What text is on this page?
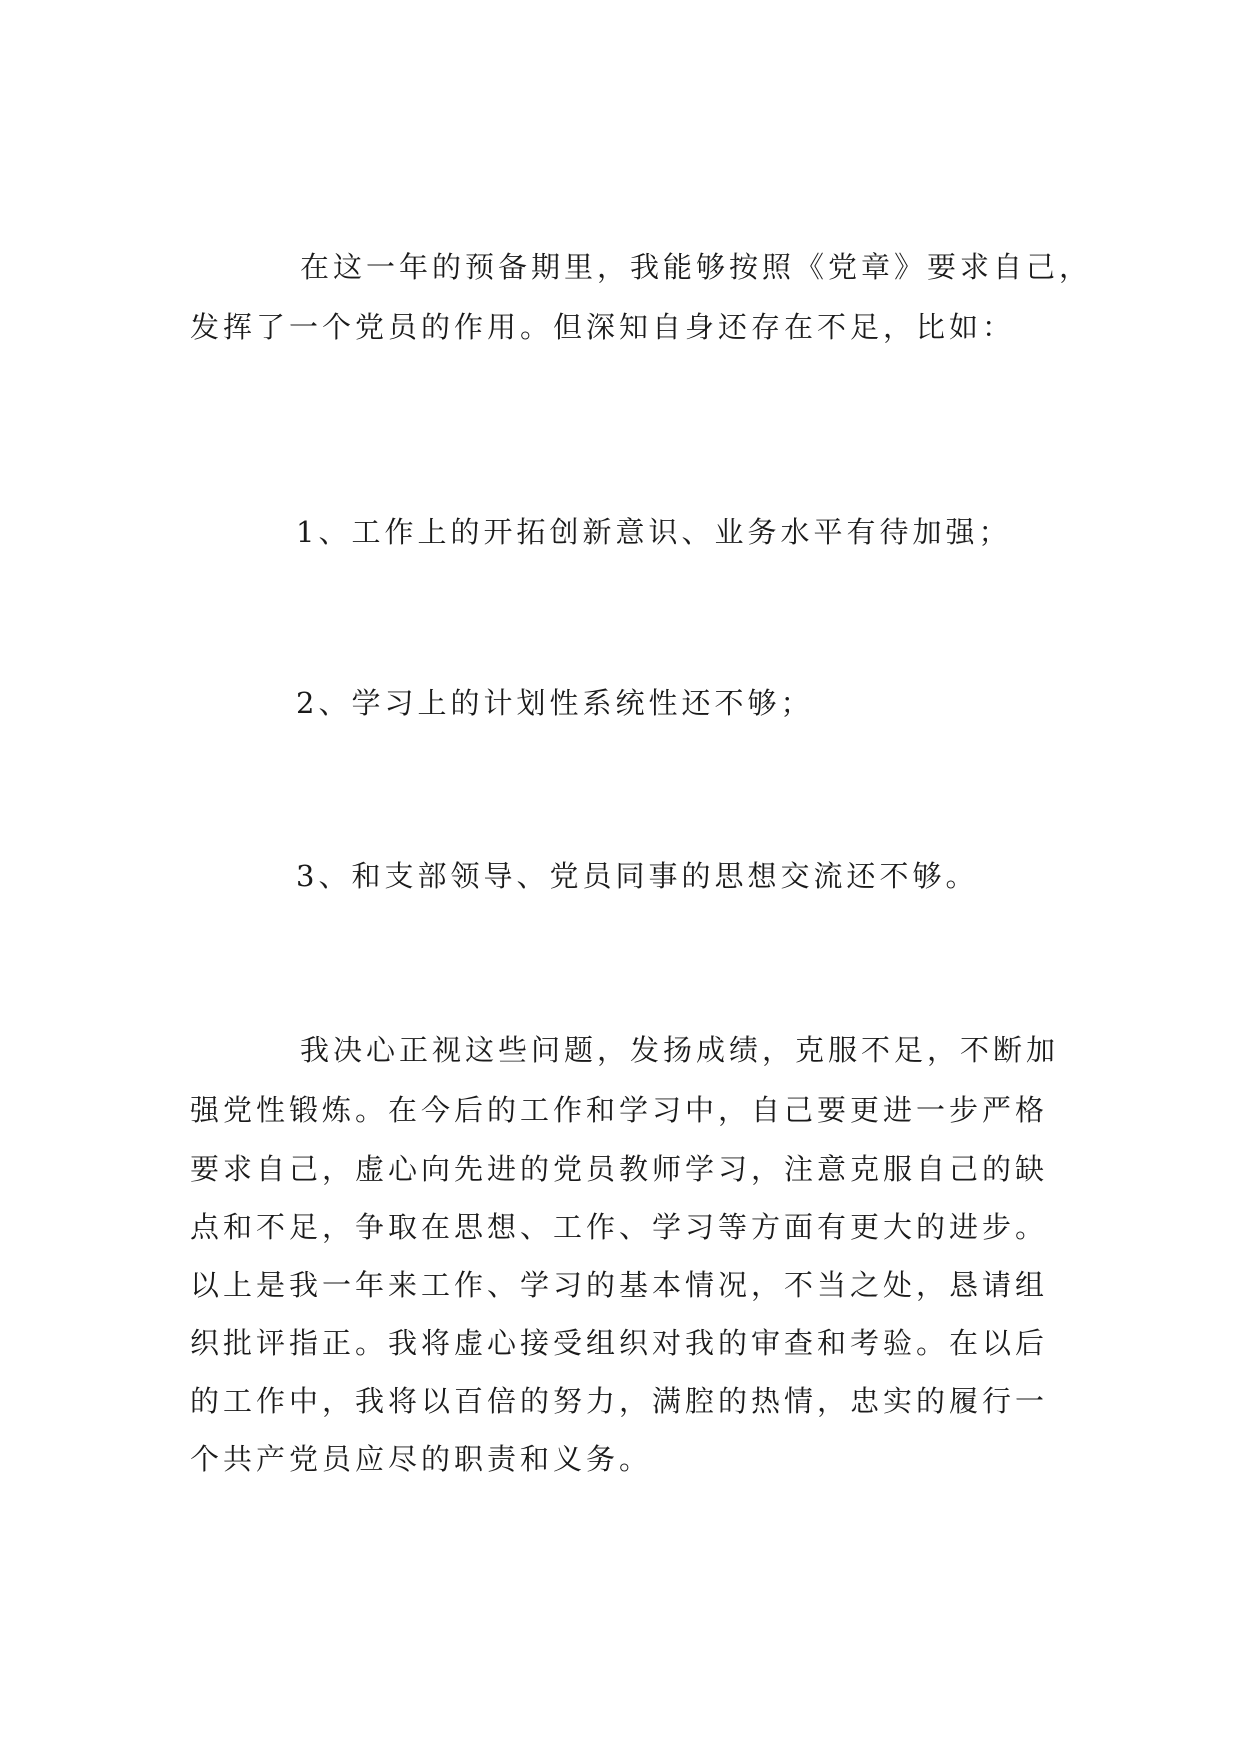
在这一年的预备期里，我能够按照《党章》要求自己，
发挥了一个党员的作用。但深知自身还存在不足，比如：
1、工作上的开拓创新意识、业务水平有待加强；
2、学习上的计划性系统性还不够；
3、和支部领导、党员同事的思想交流还不够。
我决心正视这些问题，发扬成绩，克服不足，不断加
强党性锻炼。在今后的工作和学习中，自己要更进一步严格
要求自己，虚心向先进的党员教师学习，注意克服自己的缺
点和不足，争取在思想、工作、学习等方面有更大的进步。
以上是我一年来工作、学习的基本情况，不当之处，恳请组
织批评指正。我将虚心接受组织对我的审查和考验。在以后
的工作中，我将以百倍的努力，满腔的热情，忠实的履行一
个共产党员应尽的职责和义务。
